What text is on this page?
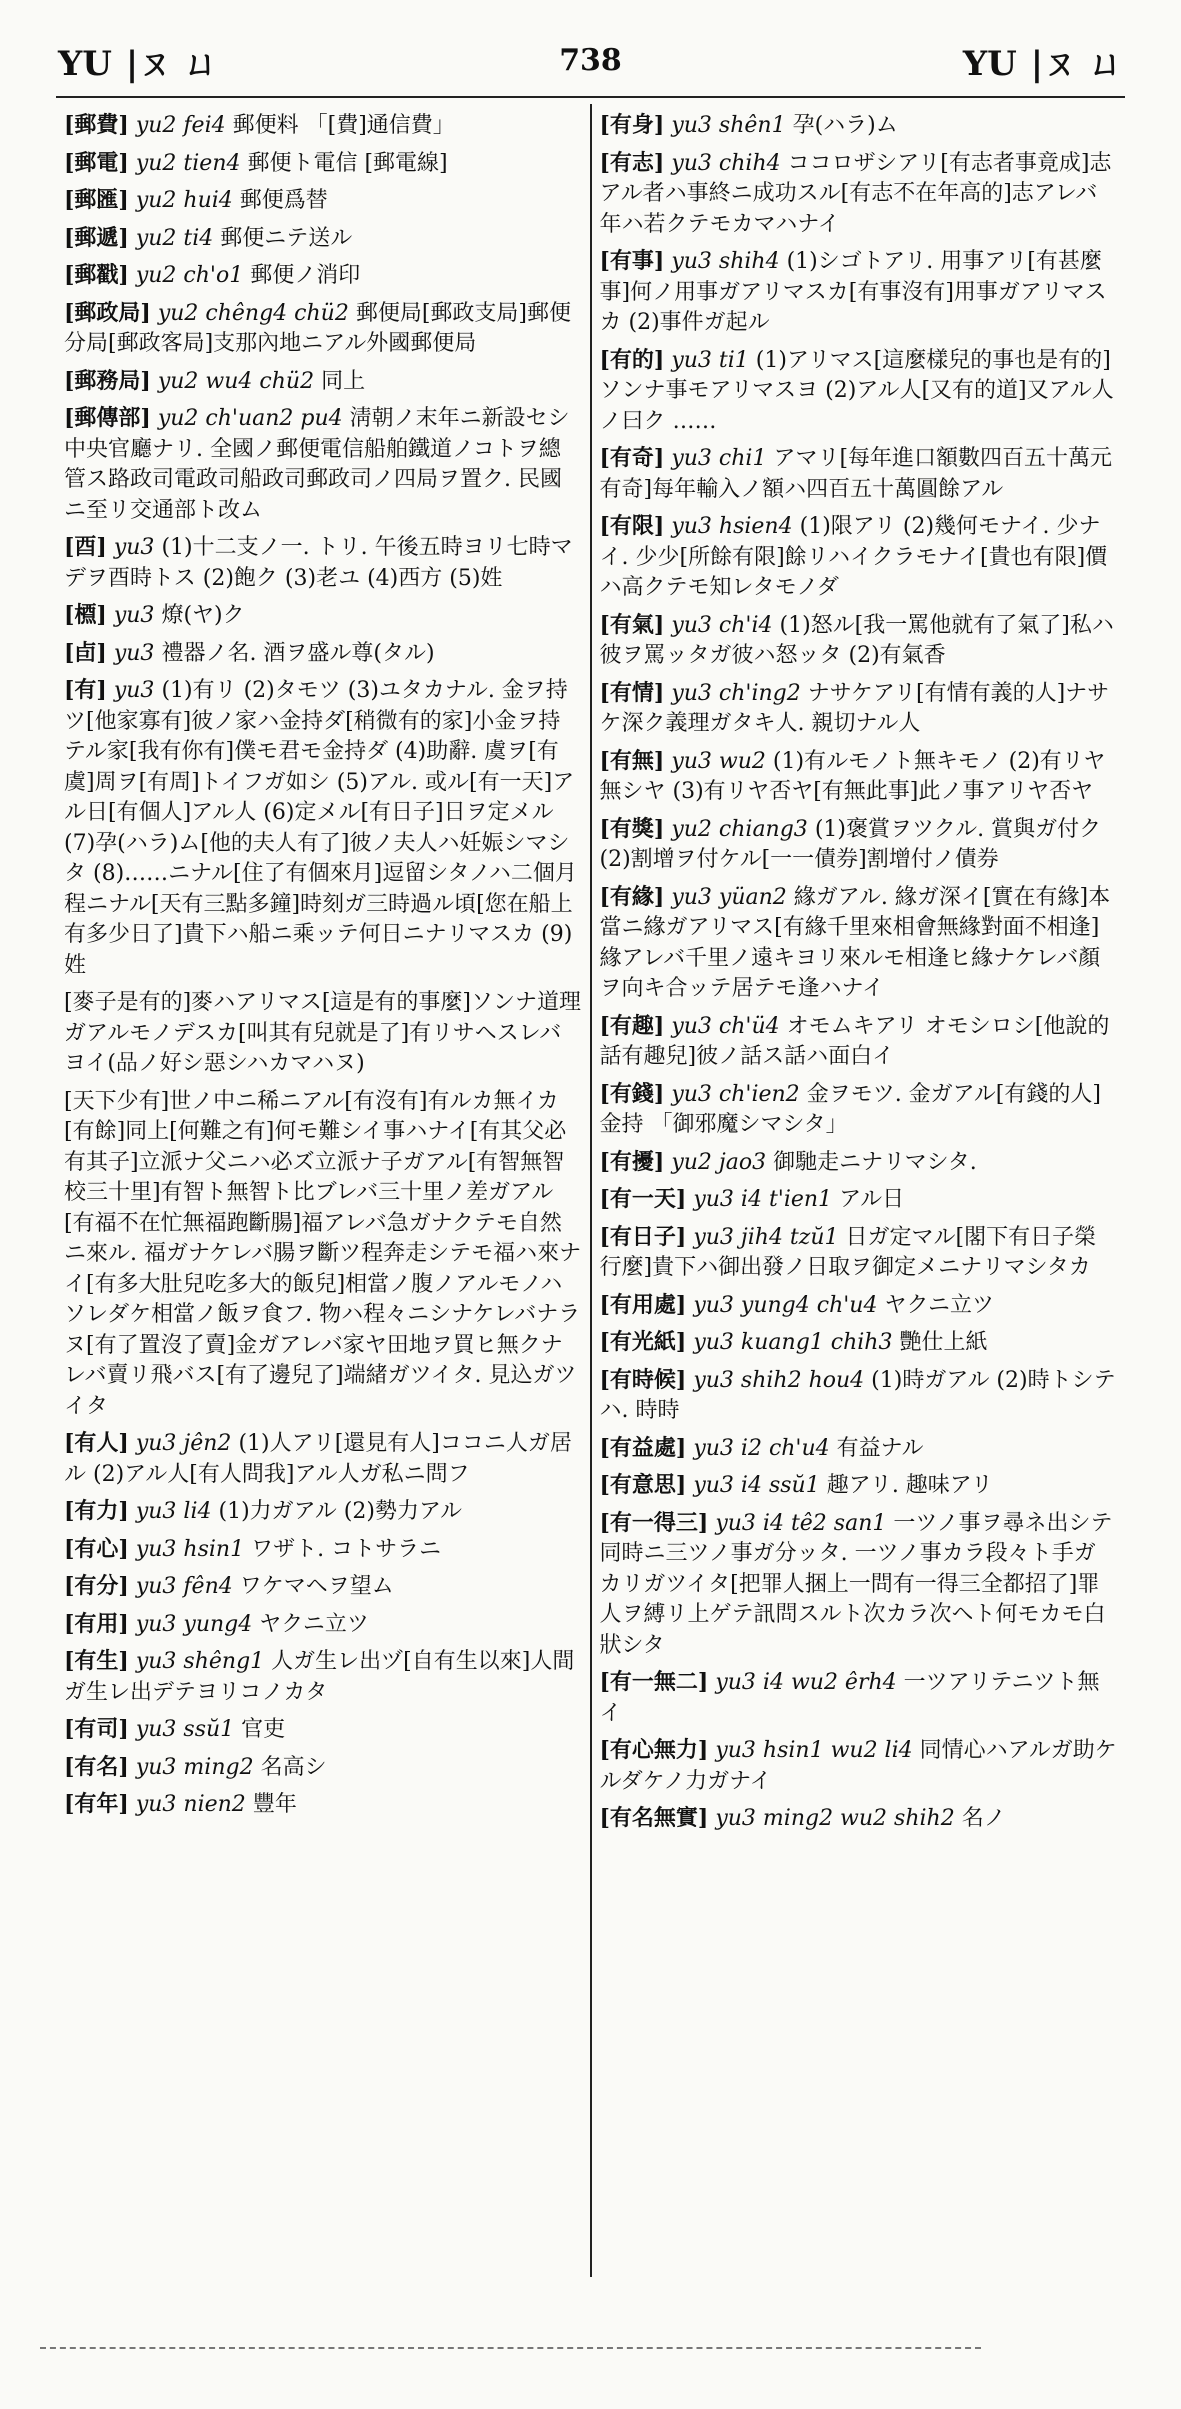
YU |ㄡ ㄩ	738	YU |ㄡ ㄩ

[郵費] yu2 fei4 郵便料 「[費]通信費」

[郵電] yu2 tien4 郵便ト電信 [郵電線]

[郵匯] yu2 hui4 郵便爲替

[郵遞] yu2 ti4 郵便ニテ送ル

[郵戳] yu2 ch'o1 郵便ノ消印

[郵政局] yu2 chêng4 chü2 郵便局[郵政支局]郵便分局[郵政客局]支那內地ニアル外國郵便局

[郵務局] yu2 wu4 chü2 同上

[郵傳部] yu2 ch'uan2 pu4 淸朝ノ末年ニ新設セシ中央官廳ナリ. 全國ノ郵便電信船舶鐵道ノコトヲ總管ス路政司電政司船政司郵政司ノ四局ヲ置ク. 民國ニ至リ交通部ト改ム

[酉] yu3 (1)十二支ノ一. トリ. 午後五時ヨリ七時マデヲ酉時トス (2)飽ク (3)老ユ (4)西方 (5)姓

[槱] yu3 燎(ヤ)ク

[卣] yu3 禮器ノ名. 酒ヲ盛ル尊(タル)

[有] yu3 (1)有リ (2)タモツ (3)ユタカナル. 金ヲ持ツ[他家寡有]彼ノ家ハ金持ダ[稍微有的家]小金ヲ持テル家[我有你有]僕モ君モ金持ダ (4)助辭. 虞ヲ[有虞]周ヲ[有周]トイフガ如シ (5)アル. 或ル[有一天]アル日[有個人]アル人 (6)定メル[有日子]日ヲ定メル (7)孕(ハラ)ム[他的夫人有了]彼ノ夫人ハ妊娠シマシタ (8)……ニナル[住了有個來月]逗留シタノハ二個月程ニナル[天有三點多鐘]時刻ガ三時過ル頃[您在船上有多少日了]貴下ハ船ニ乘ッテ何日ニナリマスカ (9)姓

[麥子是有的]麥ハアリマス[這是有的事麼]ソンナ道理ガアルモノデスカ[叫其有兒就是了]有リサヘスレバヨイ(品ノ好シ惡シハカマハヌ)

[天下少有]世ノ中ニ稀ニアル[有沒有]有ルカ無イカ[有餘]同上[何難之有]何モ難シイ事ハナイ[有其父必有其子]立派ナ父ニハ必ズ立派ナ子ガアル[有智無智校三十里]有智ト無智ト比ブレバ三十里ノ差ガアル[有福不在忙無福跑斷腸]福アレバ急ガナクテモ自然ニ來ル. 福ガナケレバ腸ヲ斷ツ程奔走シテモ福ハ來ナイ[有多大肚兒吃多大的飯兒]相當ノ腹ノアルモノハソレダケ相當ノ飯ヲ食フ. 物ハ程々ニシナケレバナラヌ[有了置沒了賣]金ガアレバ家ヤ田地ヲ買ヒ無クナレバ賣リ飛バス[有了邊兒了]端緒ガツイタ. 見込ガツイタ

[有人] yu3 jên2 (1)人アリ[還見有人]ココニ人ガ居ル (2)アル人[有人問我]アル人ガ私ニ問フ

[有力] yu3 li4 (1)力ガアル (2)勢力アル

[有心] yu3 hsin1 ワザト. コトサラニ

[有分] yu3 fên4 ワケマヘヲ望ム

[有用] yu3 yung4 ヤクニ立ツ

[有生] yu3 shêng1 人ガ生レ出ヅ[自有生以來]人間ガ生レ出デテヨリコノカタ

[有司] yu3 ssŭ1 官吏

[有名] yu3 ming2 名高シ

[有年] yu3 nien2 豐年

[有身] yu3 shên1 孕(ハラ)ム

[有志] yu3 chih4 ココロザシアリ[有志者事竟成]志アル者ハ事終ニ成功スル[有志不在年高的]志アレバ年ハ若クテモカマハナイ

[有事] yu3 shih4 (1)シゴトアリ. 用事アリ[有甚麼事]何ノ用事ガアリマスカ[有事沒有]用事ガアリマスカ (2)事件ガ起ル

[有的] yu3 ti1 (1)アリマス[這麼樣兒的事也是有的]ソンナ事モアリマスヨ (2)アル人[又有的道]又アル人ノ曰ク ……

[有奇] yu3 chi1 アマリ[每年進口額數四百五十萬元有奇]每年輸入ノ額ハ四百五十萬圓餘アル

[有限] yu3 hsien4 (1)限アリ (2)幾何モナイ. 少ナイ. 少少[所餘有限]餘リハイクラモナイ[貴也有限]價ハ高クテモ知レタモノダ

[有氣] yu3 ch'i4 (1)怒ル[我一罵他就有了氣了]私ハ彼ヲ罵ッタガ彼ハ怒ッタ (2)有氣香

[有情] yu3 ch'ing2 ナサケアリ[有情有義的人]ナサケ深ク義理ガタキ人. 親切ナル人

[有無] yu3 wu2 (1)有ルモノト無キモノ (2)有リヤ無シヤ (3)有リヤ否ヤ[有無此事]此ノ事アリヤ否ヤ

[有獎] yu2 chiang3 (1)褒賞ヲツクル. 賞與ガ付ク (2)割增ヲ付ケル[一一債券]割增付ノ債券

[有緣] yu3 yüan2 緣ガアル. 緣ガ深イ[實在有緣]本當ニ緣ガアリマス[有緣千里來相會無緣對面不相逢]緣アレバ千里ノ遠キヨリ來ルモ相逢ヒ緣ナケレバ顏ヲ向キ合ッテ居テモ逢ハナイ

[有趣] yu3 ch'ü4 オモムキアリ オモシロシ[他說的話有趣兒]彼ノ話ス話ハ面白イ

[有錢] yu3 ch'ien2 金ヲモツ. 金ガアル[有錢的人]金持 「御邪魔シマシタ」

[有擾] yu2 jao3 御馳走ニナリマシタ.

[有一天] yu3 i4 t'ien1 アル日

[有日子] yu3 jih4 tzŭ1 日ガ定マル[閣下有日子榮行麼]貴下ハ御出發ノ日取ヲ御定メニナリマシタカ

[有用處] yu3 yung4 ch'u4 ヤクニ立ツ

[有光紙] yu3 kuang1 chih3 艷仕上紙

[有時候] yu3 shih2 hou4 (1)時ガアル (2)時トシテハ. 時時

[有益處] yu3 i2 ch'u4 有益ナル

[有意思] yu3 i4 ssŭ1 趣アリ. 趣味アリ

[有一得三] yu3 i4 tê2 san1 一ツノ事ヲ尋ネ出シテ同時ニ三ツノ事ガ分ッタ. 一ツノ事カラ段々ト手ガカリガツイタ[把罪人捆上一問有一得三全都招了]罪人ヲ縛リ上ゲテ訊問スルト次カラ次ヘト何モカモ白狀シタ

[有一無二] yu3 i4 wu2 êrh4 一ツアリテニツト無イ

[有心無力] yu3 hsin1 wu2 li4 同情心ハアルガ助ケルダケノ力ガナイ

[有名無實] yu3 ming2 wu2 shih2 名ノ
